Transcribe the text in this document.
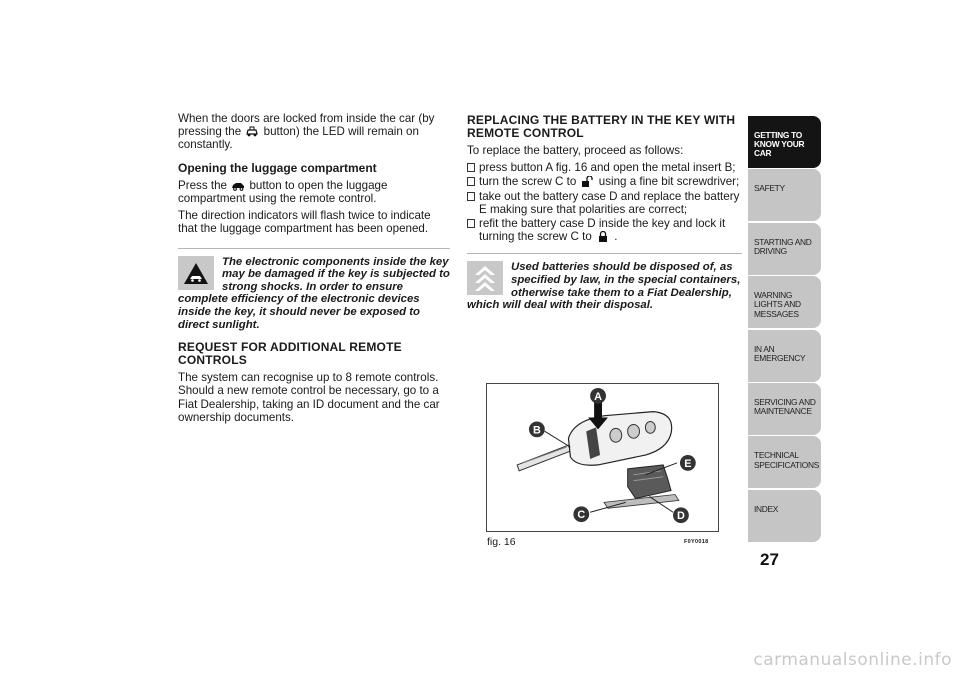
When the doors are locked from inside the car (by pressing the button) the LED will remain on constantly.

Opening the luggage compartment

Press the button to open the luggage compartment using the remote control.

The direction indicators will flash twice to indicate that the luggage compartment has been opened.

The electronic components inside the key may be damaged if the key is subjected to strong shocks. In order to ensure complete efficiency of the electronic devices inside the key, it should never be exposed to direct sunlight.

REQUEST FOR ADDITIONAL REMOTE CONTROLS

The system can recognise up to 8 remote controls. Should a new remote control be necessary, go to a Fiat Dealership, taking an ID document and the car ownership documents.

REPLACING THE BATTERY IN THE KEY WITH REMOTE CONTROL

To replace the battery, proceed as follows:

press button A fig. 16 and open the metal insert B;
turn the screw C to using a fine bit screwdriver;
take out the battery case D and replace the battery E making sure that polarities are correct;
refit the battery case D inside the key and lock it turning the screw C to .

Used batteries should be disposed of, as specified by law, in the special containers, otherwise take them to a Fiat Dealership, which will deal with their disposal.

A
B
E
C	D
fig. 16	F0Y0018
GETTING TO KNOW YOUR CAR
SAFETY
STARTING AND DRIVING
WARNING LIGHTS AND MESSAGES
IN AN EMERGENCY
SERVICING AND MAINTENANCE
TECHNICAL SPECIFICATIONS
INDEX
27
carmanualsonline.info
